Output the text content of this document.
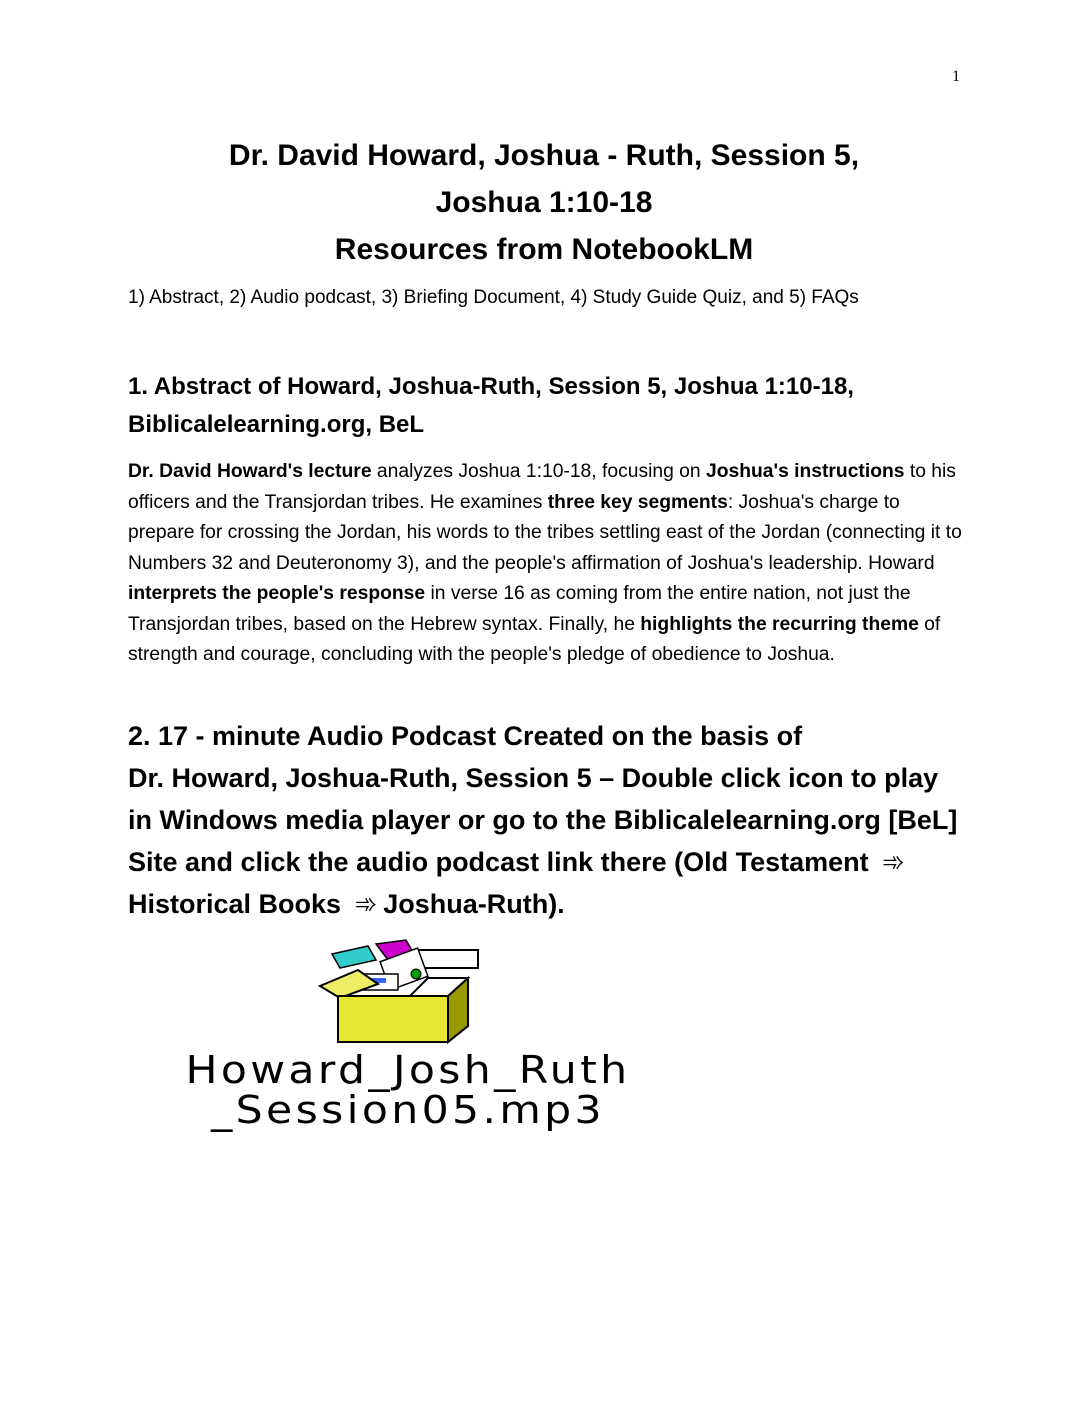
1
Dr. David Howard, Joshua - Ruth, Session 5,
Joshua 1:10-18
Resources from NotebookLM
1) Abstract, 2) Audio podcast, 3) Briefing Document, 4) Study Guide Quiz, and 5) FAQs
1. Abstract of Howard, Joshua-Ruth, Session 5, Joshua 1:10-18, Biblicalelearning.org, BeL
Dr. David Howard's lecture analyzes Joshua 1:10-18, focusing on Joshua's instructions to his officers and the Transjordan tribes. He examines three key segments: Joshua's charge to prepare for crossing the Jordan, his words to the tribes settling east of the Jordan (connecting it to Numbers 32 and Deuteronomy 3), and the people's affirmation of Joshua's leadership. Howard interprets the people's response in verse 16 as coming from the entire nation, not just the Transjordan tribes, based on the Hebrew syntax. Finally, he highlights the recurring theme of strength and courage, concluding with the people's pledge of obedience to Joshua.
2. 17 - minute Audio Podcast Created on the basis of
Dr. Howard, Joshua-Ruth, Session 5 – Double click icon to play in Windows media player or go to the Biblicalelearning.org [BeL] Site and click the audio podcast link there (Old Testament ➾Historical Books ➾ Joshua-Ruth).
Howard_Josh_Ruth
_Session05.mp3
